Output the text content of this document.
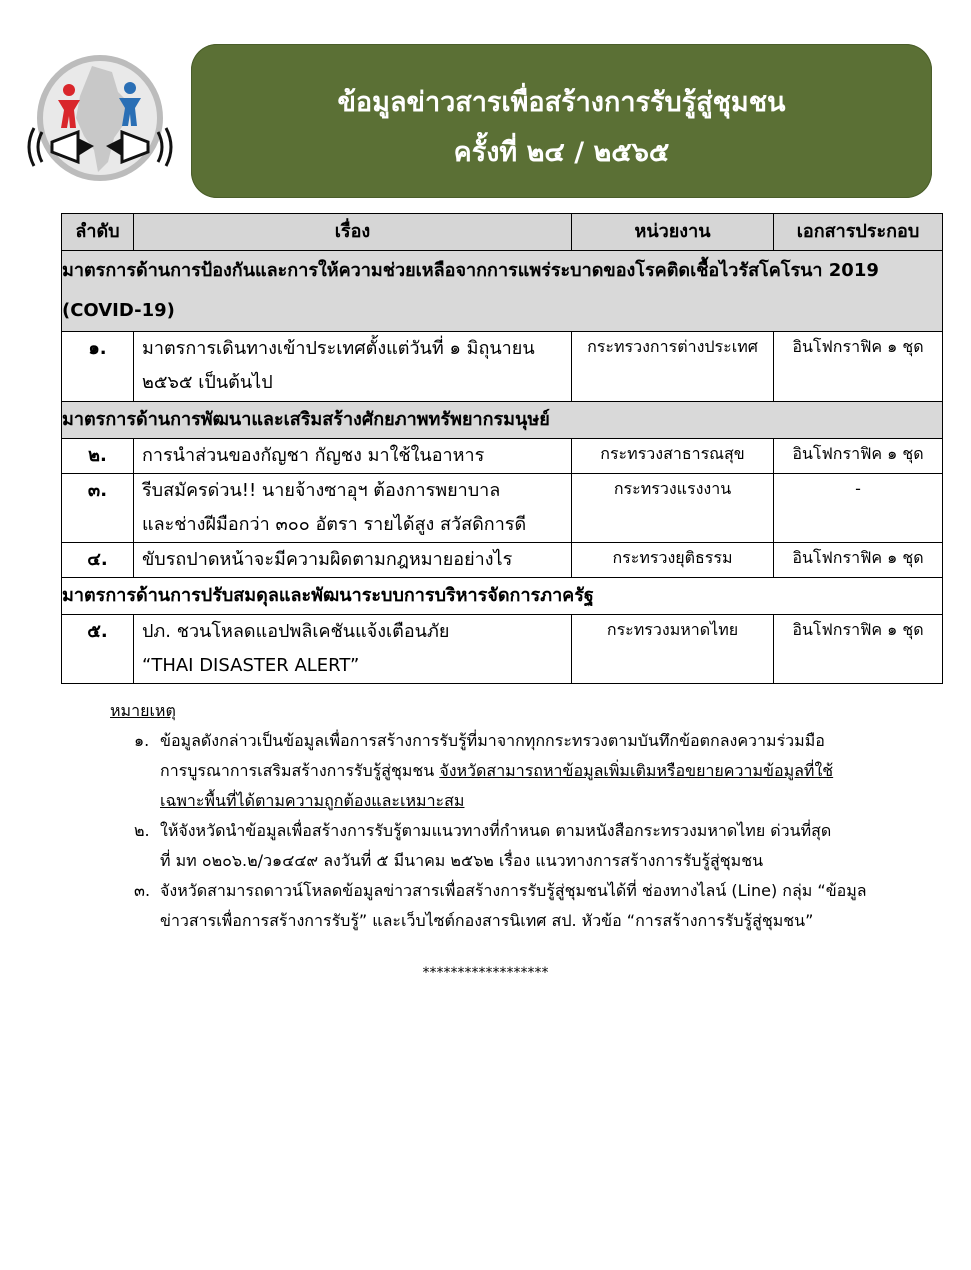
ข้อมูลข่าวสารเพื่อสร้างการรับรู้สู่ชุมชน
ครั้งที่ ๒๔ / ๒๕๖๕
ลำดับ	เรื่อง	หน่วยงาน	เอกสารประกอบ
มาตรการด้านการป้องกันและการให้ความช่วยเหลือจากการแพร่ระบาดของโรคติดเชื้อไวรัสโคโรนา 2019 (COVID-19)			
๑.	มาตรการเดินทางเข้าประเทศตั้งแต่วันที่ ๑ มิถุนายน
๒๕๖๕ เป็นต้นไป	กระทรวงการต่างประเทศ	อินโฟกราฟิค ๑ ชุด
มาตรการด้านการพัฒนาและเสริมสร้างศักยภาพทรัพยากรมนุษย์			
๒.	การนำส่วนของกัญชา กัญชง มาใช้ในอาหาร	กระทรวงสาธารณสุข	อินโฟกราฟิค ๑ ชุด
๓.	รีบสมัครด่วน!! นายจ้างซาอุฯ ต้องการพยาบาล
และช่างฝีมือกว่า ๓๐๐ อัตรา รายได้สูง สวัสดิการดี	กระทรวงแรงงาน	-
๔.	ขับรถปาดหน้าจะมีความผิดตามกฎหมายอย่างไร	กระทรวงยุติธรรม	อินโฟกราฟิค ๑ ชุด
มาตรการด้านการปรับสมดุลและพัฒนาระบบการบริหารจัดการภาครัฐ			
๕.	ปภ. ชวนโหลดแอปพลิเคชันแจ้งเตือนภัย
“THAI DISASTER ALERT”	กระทรวงมหาดไทย	อินโฟกราฟิค ๑ ชุด
หมายเหตุ
๑. ข้อมูลดังกล่าวเป็นข้อมูลเพื่อการสร้างการรับรู้ที่มาจากทุกกระทรวงตามบันทึกข้อตกลงความร่วมมือ
การบูรณาการเสริมสร้างการรับรู้สู่ชุมชน จังหวัดสามารถหาข้อมูลเพิ่มเติมหรือขยายความข้อมูลที่ใช้
เฉพาะพื้นที่ได้ตามความถูกต้องและเหมาะสม
๒. ให้จังหวัดนำข้อมูลเพื่อสร้างการรับรู้ตามแนวทางที่กำหนด ตามหนังสือกระทรวงมหาดไทย ด่วนที่สุด
ที่ มท ๐๒๐๖.๒/ว๑๔๔๙ ลงวันที่ ๕ มีนาคม ๒๕๖๒ เรื่อง แนวทางการสร้างการรับรู้สู่ชุมชน
๓. จังหวัดสามารถดาวน์โหลดข้อมูลข่าวสารเพื่อสร้างการรับรู้สู่ชุมชนได้ที่ ช่องทางไลน์ (Line) กลุ่ม “ข้อมูล
ข่าวสารเพื่อการสร้างการรับรู้” และเว็บไซต์กองสารนิเทศ สป. หัวข้อ “การสร้างการรับรู้สู่ชุมชน”
******************
